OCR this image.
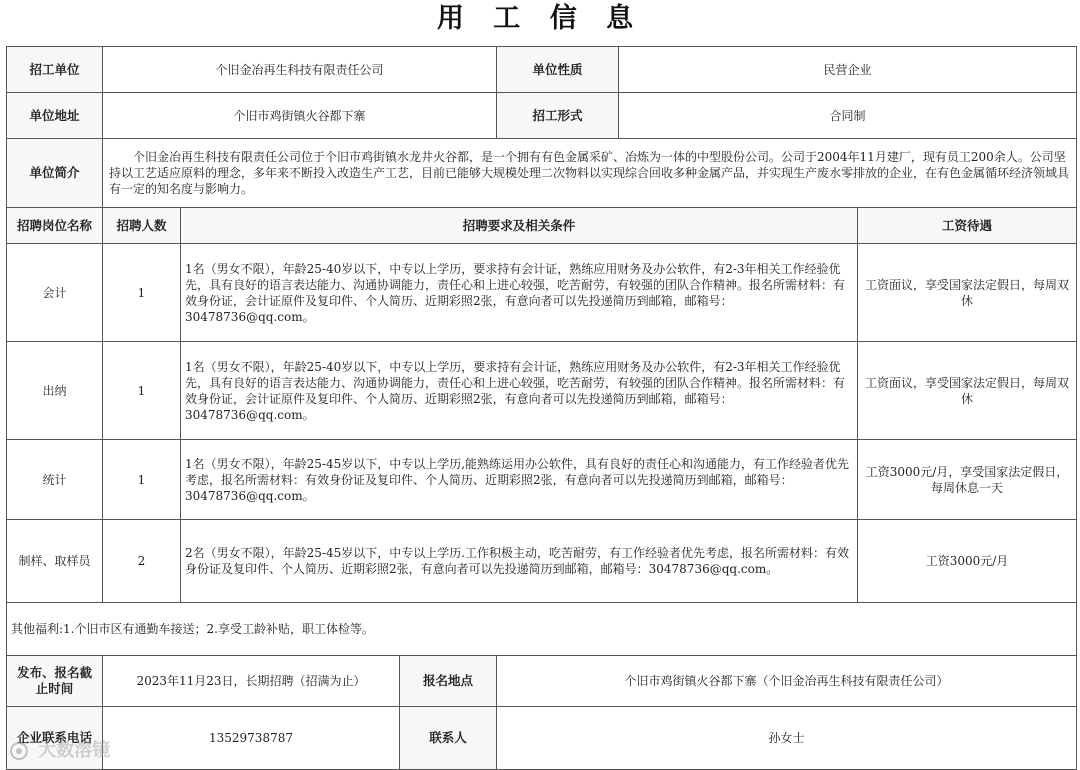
用 工 信 息
招工单位	个旧金冶再生科技有限责任公司			单位性质	民营企业	
单位地址	个旧市鸡街镇火谷都下寨			招工形式	合同制	
单位简介	个旧金冶再生科技有限责任公司位于个旧市鸡街镇水龙井火谷都，是一个拥有有色金属采矿、冶炼为一体的中型股份公司。公司于2004年11月建厂，现有员工200余人。公司坚持以工艺适应原料的理念，多年来不断投入改造生产工艺，目前已能够大规模处理二次物料以实现综合回收多种金属产品，并实现生产废水零排放的企业，在有色金属循环经济领域具有一定的知名度与影响力。					
招聘岗位名称	招聘人数	招聘要求及相关条件				工资待遇
会计	1	1名（男女不限），年龄25-40岁以下，中专以上学历，要求持有会计证，熟练应用财务及办公软件，有2-3年相关工作经验优先，具有良好的语言表达能力、沟通协调能力，责任心和上进心较强，吃苦耐劳，有较强的团队合作精神。报名所需材料：有效身份证，会计证原件及复印件、个人简历、近期彩照2张，有意向者可以先投递简历到邮箱，邮箱号：30478736@qq.com。				工资面议，享受国家法定假日，每周双休
出纳	1	1名（男女不限），年龄25-40岁以下，中专以上学历，要求持有会计证，熟练应用财务及办公软件，有2-3年相关工作经验优先，具有良好的语言表达能力、沟通协调能力，责任心和上进心较强，吃苦耐劳，有较强的团队合作精神。报名所需材料：有效身份证，会计证原件及复印件、个人简历、近期彩照2张，有意向者可以先投递简历到邮箱，邮箱号：30478736@qq.com。				工资面议，享受国家法定假日，每周双休
统计	1	1名（男女不限），年龄25-45岁以下，中专以上学历,能熟练运用办公软件，具有良好的责任心和沟通能力，有工作经验者优先考虑，报名所需材料：有效身份证及复印件、个人简历、近期彩照2张，有意向者可以先投递简历到邮箱，邮箱号：30478736@qq.com。				工资3000元/月，享受国家法定假日，每周休息一天
制样、取样员	2	2名（男女不限），年龄25-45岁以下，中专以上学历.工作积极主动，吃苦耐劳，有工作经验者优先考虑，报名所需材料：有效身份证及复印件、个人简历、近期彩照2张，有意向者可以先投递简历到邮箱，邮箱号：30478736@qq.com。				工资3000元/月
其他福利:1.个旧市区有通勤车接送；2.享受工龄补贴，职工体检等。						
发布、报名截止时间	2023年11月23日，长期招聘（招满为止）		报名地点	个旧市鸡街镇火谷都下寨（个旧金冶再生科技有限责任公司）		
企业联系电话	13529738787		联系人	孙女士		
大数溶镜
